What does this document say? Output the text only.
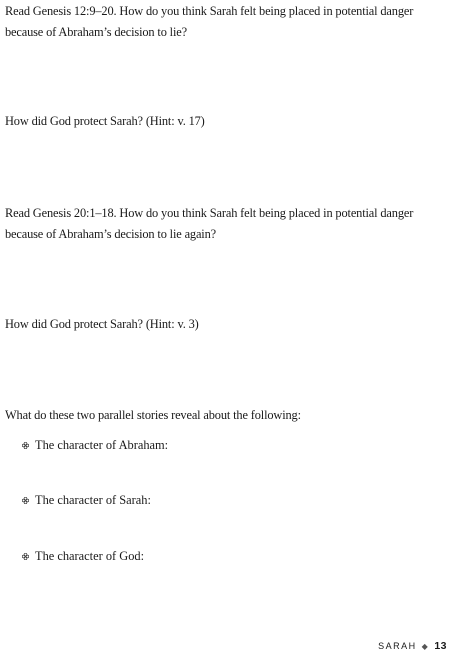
Read Genesis 12:9–20. How do you think Sarah felt being placed in potential danger because of Abraham’s decision to lie?

How did God protect Sarah? (Hint: v. 17)

Read Genesis 20:1–18. How do you think Sarah felt being placed in potential danger because of Abraham’s decision to lie again?

How did God protect Sarah? (Hint: v. 3)

What do these two parallel stories reveal about the following:

The character of Abraham:
The character of Sarah:
The character of God:
SARAH ◆ 13
